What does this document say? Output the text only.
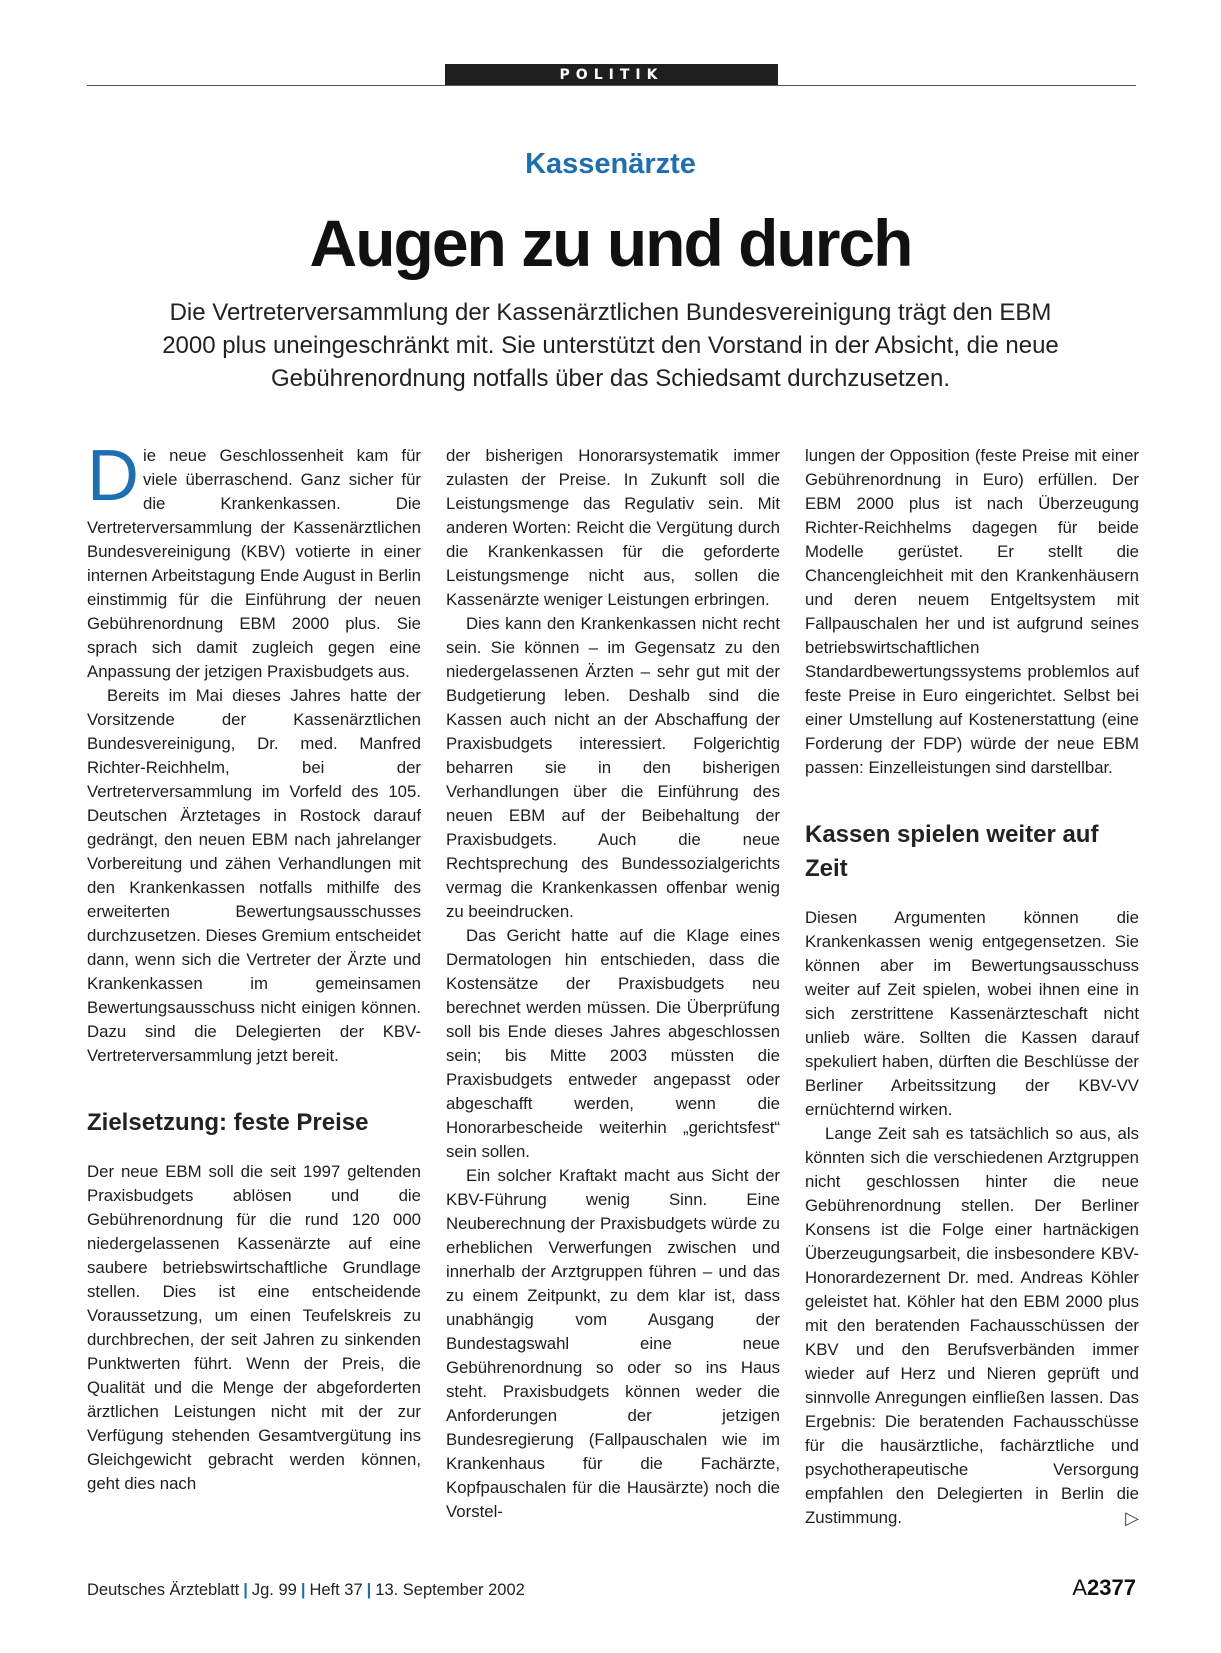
POLITIK
Kassenärzte
Augen zu und durch
Die Vertreterversammlung der Kassenärztlichen Bundesvereinigung trägt den EBM 2000 plus uneingeschränkt mit. Sie unterstützt den Vorstand in der Absicht, die neue Gebührenordnung notfalls über das Schiedsamt durchzusetzen.

Die neue Geschlossenheit kam für viele überraschend. Ganz sicher für die Krankenkassen. Die Vertreterversammlung der Kassenärztlichen Bundesvereinigung (KBV) votierte in einer internen Arbeitstagung Ende August in Berlin einstimmig für die Einführung der neuen Gebührenordnung EBM 2000 plus. Sie sprach sich damit zugleich gegen eine Anpassung der jetzigen Praxisbudgets aus.

Bereits im Mai dieses Jahres hatte der Vorsitzende der Kassenärztlichen Bundesvereinigung, Dr. med. Manfred Richter-Reichhelm, bei der Vertreterversammlung im Vorfeld des 105. Deutschen Ärztetages in Rostock darauf gedrängt, den neuen EBM nach jahrelanger Vorbereitung und zähen Verhandlungen mit den Krankenkassen notfalls mithilfe des erweiterten Bewertungsausschusses durchzusetzen. Dieses Gremium entscheidet dann, wenn sich die Vertreter der Ärzte und Krankenkassen im gemeinsamen Bewertungsausschuss nicht einigen können. Dazu sind die Delegierten der KBV-Vertreterversammlung jetzt bereit.

Zielsetzung: feste Preise

Der neue EBM soll die seit 1997 geltenden Praxisbudgets ablösen und die Gebührenordnung für die rund 120 000 niedergelassenen Kassenärzte auf eine saubere betriebswirtschaftliche Grundlage stellen. Dies ist eine entscheidende Voraussetzung, um einen Teufelskreis zu durchbrechen, der seit Jahren zu sinkenden Punktwerten führt. Wenn der Preis, die Qualität und die Menge der abgeforderten ärztlichen Leistungen nicht mit der zur Verfügung stehenden Gesamtvergütung ins Gleichgewicht gebracht werden können, geht dies nach

der bisherigen Honorarsystematik immer zulasten der Preise. In Zukunft soll die Leistungsmenge das Regulativ sein. Mit anderen Worten: Reicht die Vergütung durch die Krankenkassen für die geforderte Leistungsmenge nicht aus, sollen die Kassenärzte weniger Leistungen erbringen.

Dies kann den Krankenkassen nicht recht sein. Sie können – im Gegensatz zu den niedergelassenen Ärzten – sehr gut mit der Budgetierung leben. Deshalb sind die Kassen auch nicht an der Abschaffung der Praxisbudgets interessiert. Folgerichtig beharren sie in den bisherigen Verhandlungen über die Einführung des neuen EBM auf der Beibehaltung der Praxisbudgets. Auch die neue Rechtsprechung des Bundessozialgerichts vermag die Krankenkassen offenbar wenig zu beeindrucken.

Das Gericht hatte auf die Klage eines Dermatologen hin entschieden, dass die Kostensätze der Praxisbudgets neu berechnet werden müssen. Die Überprüfung soll bis Ende dieses Jahres abgeschlossen sein; bis Mitte 2003 müssten die Praxisbudgets entweder angepasst oder abgeschafft werden, wenn die Honorarbescheide weiterhin „gerichtsfest“ sein sollen.

Ein solcher Kraftakt macht aus Sicht der KBV-Führung wenig Sinn. Eine Neuberechnung der Praxisbudgets würde zu erheblichen Verwerfungen zwischen und innerhalb der Arztgruppen führen – und das zu einem Zeitpunkt, zu dem klar ist, dass unabhängig vom Ausgang der Bundestagswahl eine neue Gebührenordnung so oder so ins Haus steht. Praxisbudgets können weder die Anforderungen der jetzigen Bundesregierung (Fallpauschalen wie im Krankenhaus für die Fachärzte, Kopfpauschalen für die Hausärzte) noch die Vorstel-

lungen der Opposition (feste Preise mit einer Gebührenordnung in Euro) erfüllen. Der EBM 2000 plus ist nach Überzeugung Richter-Reichhelms dagegen für beide Modelle gerüstet. Er stellt die Chancengleichheit mit den Krankenhäusern und deren neuem Entgeltsystem mit Fallpauschalen her und ist aufgrund seines betriebswirtschaftlichen Standardbewertungssystems problemlos auf feste Preise in Euro eingerichtet. Selbst bei einer Umstellung auf Kostenerstattung (eine Forderung der FDP) würde der neue EBM passen: Einzelleistungen sind darstellbar.

Kassen spielen weiter auf Zeit

Diesen Argumenten können die Krankenkassen wenig entgegensetzen. Sie können aber im Bewertungsausschuss weiter auf Zeit spielen, wobei ihnen eine in sich zerstrittene Kassenärzteschaft nicht unlieb wäre. Sollten die Kassen darauf spekuliert haben, dürften die Beschlüsse der Berliner Arbeitssitzung der KBV-VV ernüchternd wirken.

Lange Zeit sah es tatsächlich so aus, als könnten sich die verschiedenen Arztgruppen nicht geschlossen hinter die neue Gebührenordnung stellen. Der Berliner Konsens ist die Folge einer hartnäckigen Überzeugungsarbeit, die insbesondere KBV-Honorardezernent Dr. med. Andreas Köhler geleistet hat. Köhler hat den EBM 2000 plus mit den beratenden Fachausschüssen der KBV und den Berufsverbänden immer wieder auf Herz und Nieren geprüft und sinnvolle Anregungen einfließen lassen. Das Ergebnis: Die beratenden Fachausschüsse für die hausärztliche, fachärztliche und psychotherapeutische Versorgung empfahlen den Delegierten in Berlin die Zustimmung.	▷

Deutsches Ärzteblatt | Jg. 99 | Heft 37 | 13. September 2002	A2377
